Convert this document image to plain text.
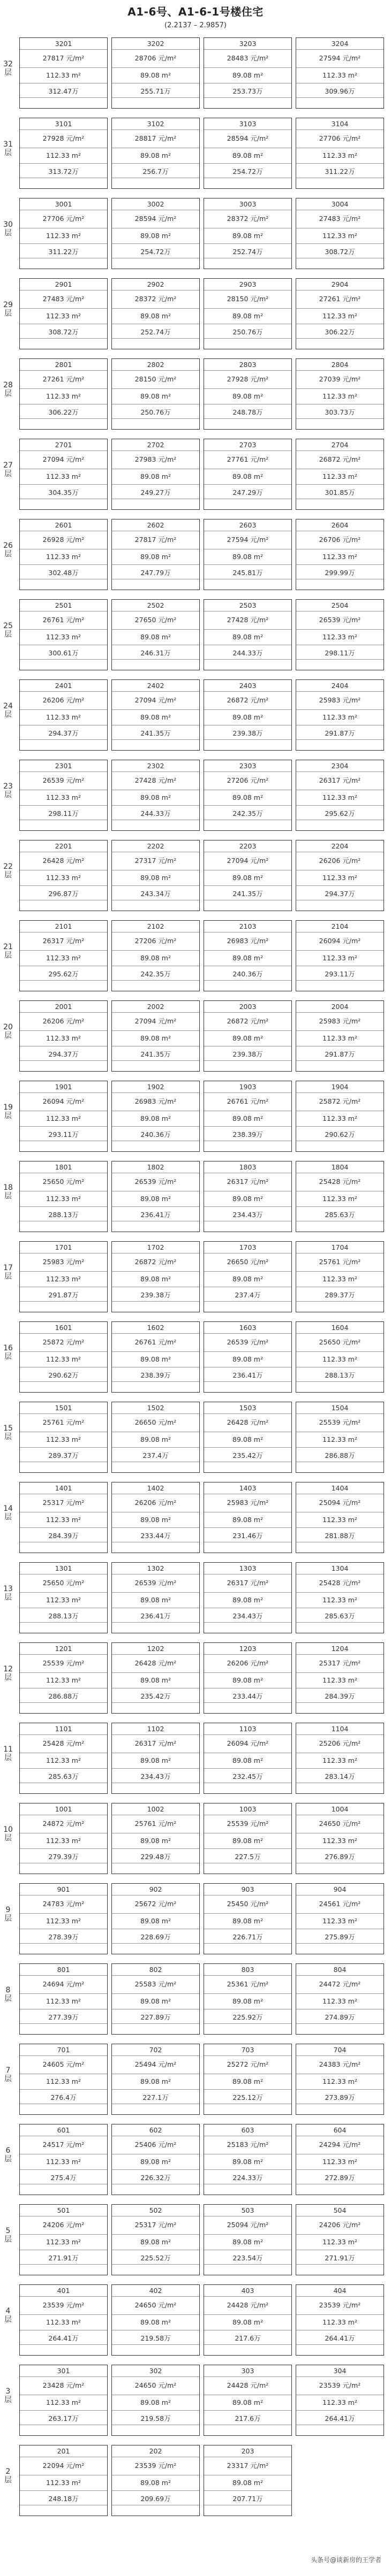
A1-6号、A1-6-1号楼住宅
(2.2137 – 2.9857)
32层
3201
27817 元/m²
112.33 m²
312.47万
3202
28706 元/m²
89.08 m²
255.71万
3203
28483 元/m²
89.08 m²
253.73万
3204
27594 元/m²
112.33 m²
309.96万
31层
3101
27928 元/m²
112.33 m²
313.72万
3102
28817 元/m²
89.08 m²
256.7万
3103
28594 元/m²
89.08 m²
254.72万
3104
27706 元/m²
112.33 m²
311.22万
30层
3001
27706 元/m²
112.33 m²
311.22万
3002
28594 元/m²
89.08 m²
254.72万
3003
28372 元/m²
89.08 m²
252.74万
3004
27483 元/m²
112.33 m²
308.72万
29层
2901
27483 元/m²
112.33 m²
308.72万
2902
28372 元/m²
89.08 m²
252.74万
2903
28150 元/m²
89.08 m²
250.76万
2904
27261 元/m²
112.33 m²
306.22万
28层
2801
27261 元/m²
112.33 m²
306.22万
2802
28150 元/m²
89.08 m²
250.76万
2803
27928 元/m²
89.08 m²
248.78万
2804
27039 元/m²
112.33 m²
303.73万
27层
2701
27094 元/m²
112.33 m²
304.35万
2702
27983 元/m²
89.08 m²
249.27万
2703
27761 元/m²
89.08 m²
247.29万
2704
26872 元/m²
112.33 m²
301.85万
26层
2601
26928 元/m²
112.33 m²
302.48万
2602
27817 元/m²
89.08 m²
247.79万
2603
27594 元/m²
89.08 m²
245.81万
2604
26706 元/m²
112.33 m²
299.99万
25层
2501
26761 元/m²
112.33 m²
300.61万
2502
27650 元/m²
89.08 m²
246.31万
2503
27428 元/m²
89.08 m²
244.33万
2504
26539 元/m²
112.33 m²
298.11万
24层
2401
26206 元/m²
112.33 m²
294.37万
2402
27094 元/m²
89.08 m²
241.35万
2403
26872 元/m²
89.08 m²
239.38万
2404
25983 元/m²
112.33 m²
291.87万
23层
2301
26539 元/m²
112.33 m²
298.11万
2302
27428 元/m²
89.08 m²
244.33万
2303
27206 元/m²
89.08 m²
242.35万
2304
26317 元/m²
112.33 m²
295.62万
22层
2201
26428 元/m²
112.33 m²
296.87万
2202
27317 元/m²
89.08 m²
243.34万
2203
27094 元/m²
89.08 m²
241.35万
2204
26206 元/m²
112.33 m²
294.37万
21层
2101
26317 元/m²
112.33 m²
295.62万
2102
27206 元/m²
89.08 m²
242.35万
2103
26983 元/m²
89.08 m²
240.36万
2104
26094 元/m²
112.33 m²
293.11万
20层
2001
26206 元/m²
112.33 m²
294.37万
2002
27094 元/m²
89.08 m²
241.35万
2003
26872 元/m²
89.08 m²
239.38万
2004
25983 元/m²
112.33 m²
291.87万
19层
1901
26094 元/m²
112.33 m²
293.11万
1902
26983 元/m²
89.08 m²
240.36万
1903
26761 元/m²
89.08 m²
238.39万
1904
25872 元/m²
112.33 m²
290.62万
18层
1801
25650 元/m²
112.33 m²
288.13万
1802
26539 元/m²
89.08 m²
236.41万
1803
26317 元/m²
89.08 m²
234.43万
1804
25428 元/m²
112.33 m²
285.63万
17层
1701
25983 元/m²
112.33 m²
291.87万
1702
26872 元/m²
89.08 m²
239.38万
1703
26650 元/m²
89.08 m²
237.4万
1704
25761 元/m²
112.33 m²
289.37万
16层
1601
25872 元/m²
112.33 m²
290.62万
1602
26761 元/m²
89.08 m²
238.39万
1603
26539 元/m²
89.08 m²
236.41万
1604
25650 元/m²
112.33 m²
288.13万
15层
1501
25761 元/m²
112.33 m²
289.37万
1502
26650 元/m²
89.08 m²
237.4万
1503
26428 元/m²
89.08 m²
235.42万
1504
25539 元/m²
112.33 m²
286.88万
14层
1401
25317 元/m²
112.33 m²
284.39万
1402
26206 元/m²
89.08 m²
233.44万
1403
25983 元/m²
89.08 m²
231.46万
1404
25094 元/m²
112.33 m²
281.88万
13层
1301
25650 元/m²
112.33 m²
288.13万
1302
26539 元/m²
89.08 m²
236.41万
1303
26317 元/m²
89.08 m²
234.43万
1304
25428 元/m²
112.33 m²
285.63万
12层
1201
25539 元/m²
112.33 m²
286.88万
1202
26428 元/m²
89.08 m²
235.42万
1203
26206 元/m²
89.08 m²
233.44万
1204
25317 元/m²
112.33 m²
284.39万
11层
1101
25428 元/m²
112.33 m²
285.63万
1102
26317 元/m²
89.08 m²
234.43万
1103
26094 元/m²
89.08 m²
232.45万
1104
25206 元/m²
112.33 m²
283.14万
10层
1001
24872 元/m²
112.33 m²
279.39万
1002
25761 元/m²
89.08 m²
229.48万
1003
25539 元/m²
89.08 m²
227.5万
1004
24650 元/m²
112.33 m²
276.89万
9层
901
24783 元/m²
112.33 m²
278.39万
902
25672 元/m²
89.08 m²
228.69万
903
25450 元/m²
89.08 m²
226.71万
904
24561 元/m²
112.33 m²
275.89万
8层
801
24694 元/m²
112.33 m²
277.39万
802
25583 元/m²
89.08 m²
227.89万
803
25361 元/m²
89.08 m²
225.92万
804
24472 元/m²
112.33 m²
274.89万
7层
701
24605 元/m²
112.33 m²
276.4万
702
25494 元/m²
89.08 m²
227.1万
703
25272 元/m²
89.08 m²
225.12万
704
24383 元/m²
112.33 m²
273.89万
6层
601
24517 元/m²
112.33 m²
275.4万
602
25406 元/m²
89.08 m²
226.32万
603
25183 元/m²
89.08 m²
224.33万
604
24294 元/m²
112.33 m²
272.89万
5层
501
24206 元/m²
112.33 m²
271.91万
502
25317 元/m²
89.08 m²
225.52万
503
25094 元/m²
89.08 m²
223.54万
504
24206 元/m²
112.33 m²
271.91万
4层
401
23539 元/m²
112.33 m²
264.41万
402
24650 元/m²
89.08 m²
219.58万
403
24428 元/m²
89.08 m²
217.6万
404
23539 元/m²
112.33 m²
264.41万
3层
301
23428 元/m²
112.33 m²
263.17万
302
24650 元/m²
89.08 m²
219.58万
303
24428 元/m²
89.08 m²
217.6万
304
23539 元/m²
112.33 m²
264.41万
2层
201
22094 元/m²
112.33 m²
248.18万
202
23539 元/m²
89.08 m²
209.69万
203
23317 元/m²
89.08 m²
207.71万
头条号@谈新房的王学者
